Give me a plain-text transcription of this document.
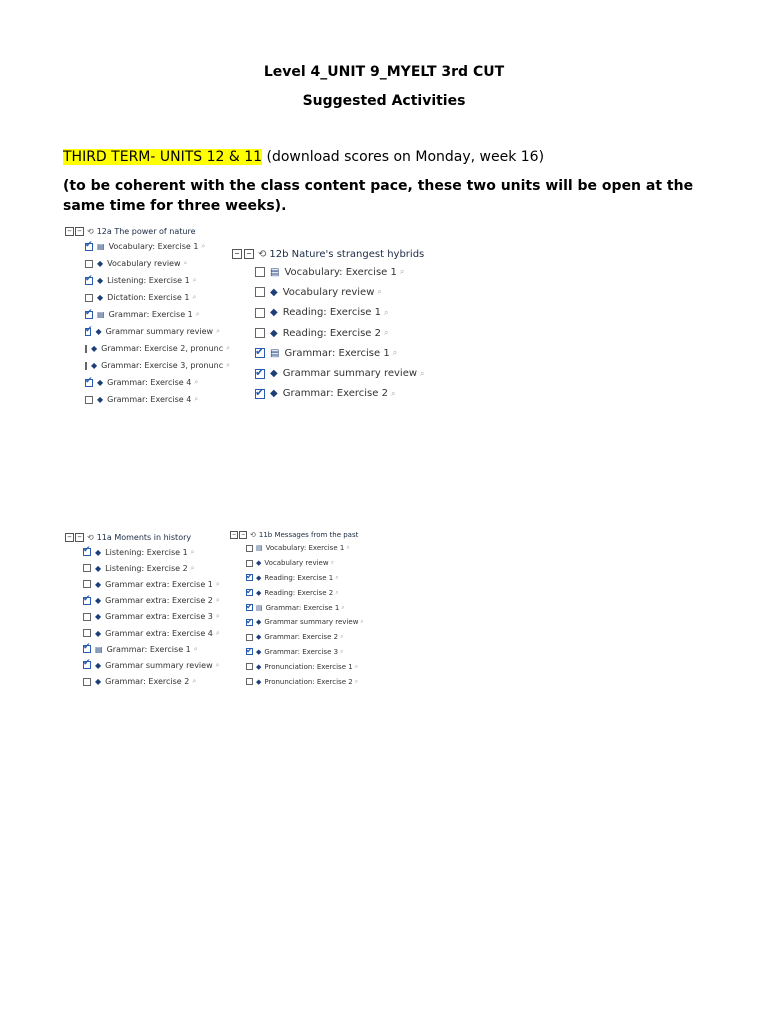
Level 4_UNIT 9_MYELT 3rd CUT
Suggested Activities
THIRD TERM- UNITS 12 & 11 (download scores on Monday, week 16)
(to be coherent with the class content pace, these two units will be open at the same time for three weeks).
− − ⟲ 12a The power of nature
✔
▤ Vocabulary: Exercise 1 ⌕
◆ Vocabulary review ⌕
✔
◆ Listening: Exercise 1 ⌕
◆ Dictation: Exercise 1 ⌕
✔
▤ Grammar: Exercise 1 ⌕
✔
◆ Grammar summary review ⌕
◆ Grammar: Exercise 2, pronunc ⌕
◆ Grammar: Exercise 3, pronunc ⌕
✔
◆ Grammar: Exercise 4 ⌕
◆ Grammar: Exercise 4 ⌕
− − ⟲ 12b Nature's strangest hybrids
▤ Vocabulary: Exercise 1 ⌕
◆ Vocabulary review ⌕
◆ Reading: Exercise 1 ⌕
◆ Reading: Exercise 2 ⌕
✔
▤ Grammar: Exercise 1 ⌕
✔
◆ Grammar summary review ⌕
✔
◆ Grammar: Exercise 2 ⌕
− − ⟲ 11a Moments in history
✔
◆ Listening: Exercise 1 ⌕
◆ Listening: Exercise 2 ⌕
◆ Grammar extra: Exercise 1 ⌕
✔
◆ Grammar extra: Exercise 2 ⌕
◆ Grammar extra: Exercise 3 ⌕
◆ Grammar extra: Exercise 4 ⌕
✔
▤ Grammar: Exercise 1 ⌕
✔
◆ Grammar summary review ⌕
◆ Grammar: Exercise 2 ⌕
− − ⟲ 11b Messages from the past
▤ Vocabulary: Exercise 1 ⌕
◆ Vocabulary review ⌕
✔
◆ Reading: Exercise 1 ⌕
✔
◆ Reading: Exercise 2 ⌕
✔
▤ Grammar: Exercise 1 ⌕
✔
◆ Grammar summary review ⌕
◆ Grammar: Exercise 2 ⌕
✔
◆ Grammar: Exercise 3 ⌕
◆ Pronunciation: Exercise 1 ⌕
◆ Pronunciation: Exercise 2 ⌕
